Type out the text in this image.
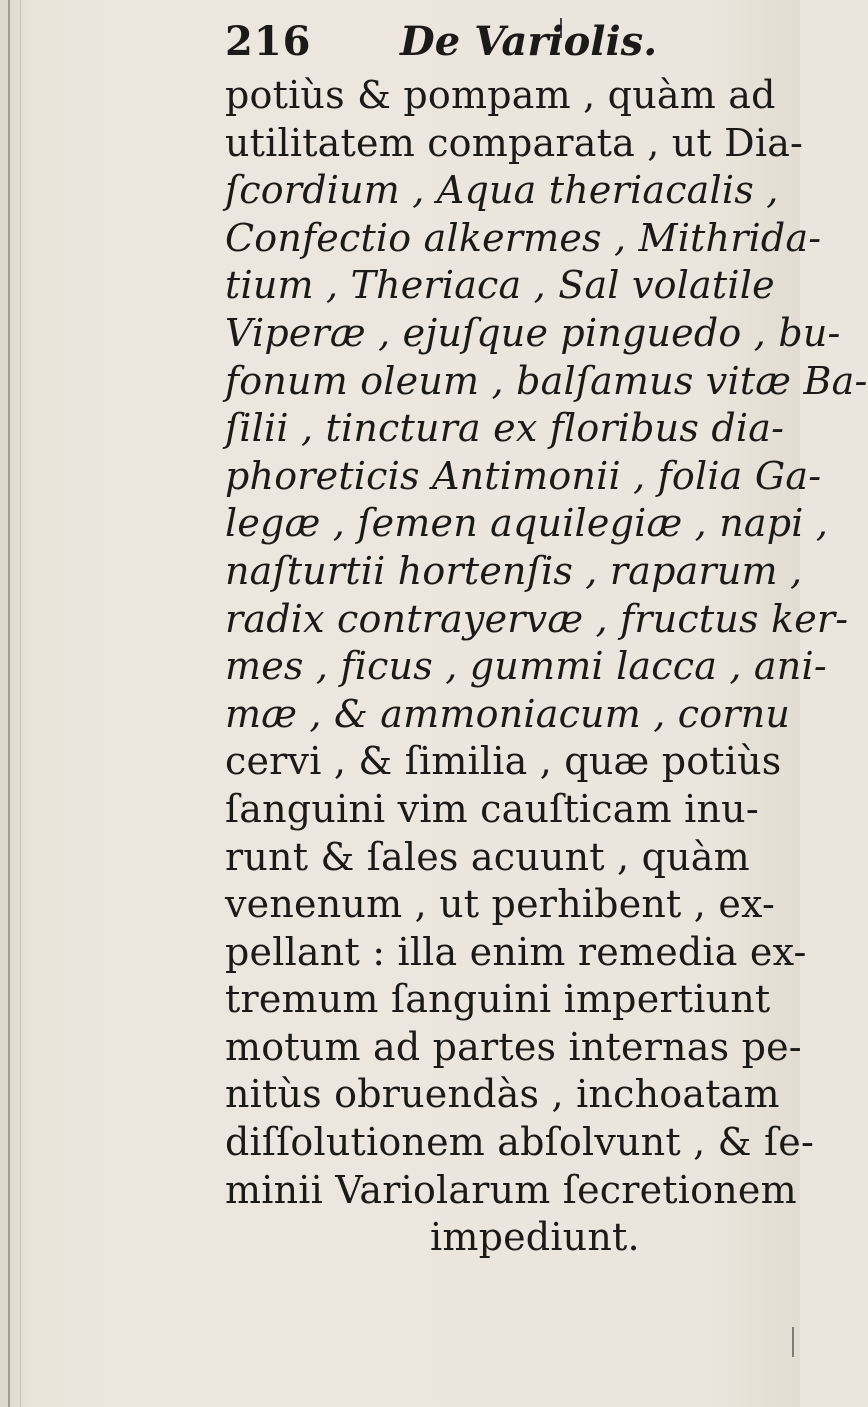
216 De Variolis.
potiùs & pompam , quàm ad
utilitatem comparata , ut Dia-
ſcordium , Aqua theriacalis ,
Confectio alkermes , Mithrida-
tium , Theriaca , Sal volatile
Viperæ , ejuſque pinguedo , bu-
fonum oleum , balſamus vitæ Ba-
ſilii , tinctura ex floribus dia-
phoreticis Antimonii , folia Ga-
legæ , ſemen aquilegiæ , napi ,
naſturtii hortenſis , raparum ,
radix contrayervæ , fructus ker-
mes , ficus , gummi lacca , ani-
mæ , & ammoniacum , cornu
cervi , & ſimilia , quæ potiùs
ſanguini vim cauſticam inu-
runt & ſales acuunt , quàm
venenum , ut perhibent , ex-
pellant : illa enim remedia ex-
tremum ſanguini impertiunt
motum ad partes internas pe-
nitùs obruendàs , inchoatam
diſſolutionem abſolvunt , & ſe-
minii Variolarum ſecretionem
impediunt.
